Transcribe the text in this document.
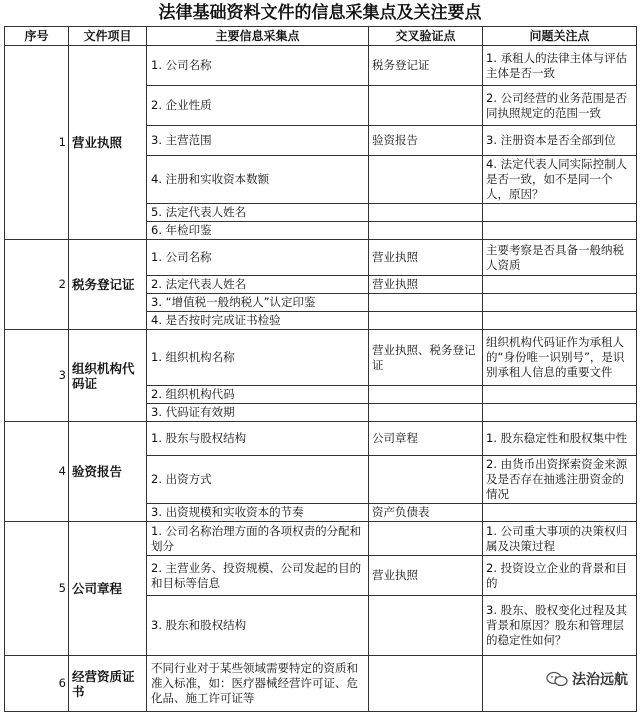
法律基础资料文件的信息采集点及关注要点
序号	文件项目	主要信息采集点	交叉验证点	问题关注点
1	营业执照	1. 公司名称	税务登记证	1. 承租人的法律主体与评估主体是否一致
		2. 企业性质		2. 公司经营的业务范围是否同执照规定的范围一致
		3. 主营范围	验资报告	3. 注册资本是否全部到位
		4. 注册和实收资本数额		4. 法定代表人同实际控制人是否一致，如不是同一个人，原因？
		5. 法定代表人姓名		
		6. 年检印鉴		
2	税务登记证	1. 公司名称	营业执照	主要考察是否具备一般纳税人资质
		2. 法定代表人姓名	营业执照	
		3. “增值税一般纳税人”认定印鉴		
		4. 是否按时完成证书检验		
3	组织机构代码证	1. 组织机构名称	营业执照、税务登记证	组织机构代码证作为承租人的“身份唯一识别号”，是识别承租人信息的重要文件
		2. 组织机构代码		
		3. 代码证有效期		
4	验资报告	1. 股东与股权结构	公司章程	1. 股东稳定性和股权集中性
		2. 出资方式		2. 由货币出资探索资金来源及是否存在抽逃注册资金的情况
		3. 出资规模和实收资本的节奏	资产负债表	
5	公司章程	1. 公司名称治理方面的各项权责的分配和划分		1. 公司重大事项的决策权归属及决策过程
		2. 主营业务、投资规模、公司发起的目的和目标等信息	营业执照	2. 投资设立企业的背景和目的
		3. 股东和股权结构		3. 股东、股权变化过程及其背景和原因？股东和管理层的稳定性如何？
6	经营资质证书	不同行业对于某些领域需要特定的资质和准入标准，如：医疗器械经营许可证、危化品、施工许可证等		
法治远航
